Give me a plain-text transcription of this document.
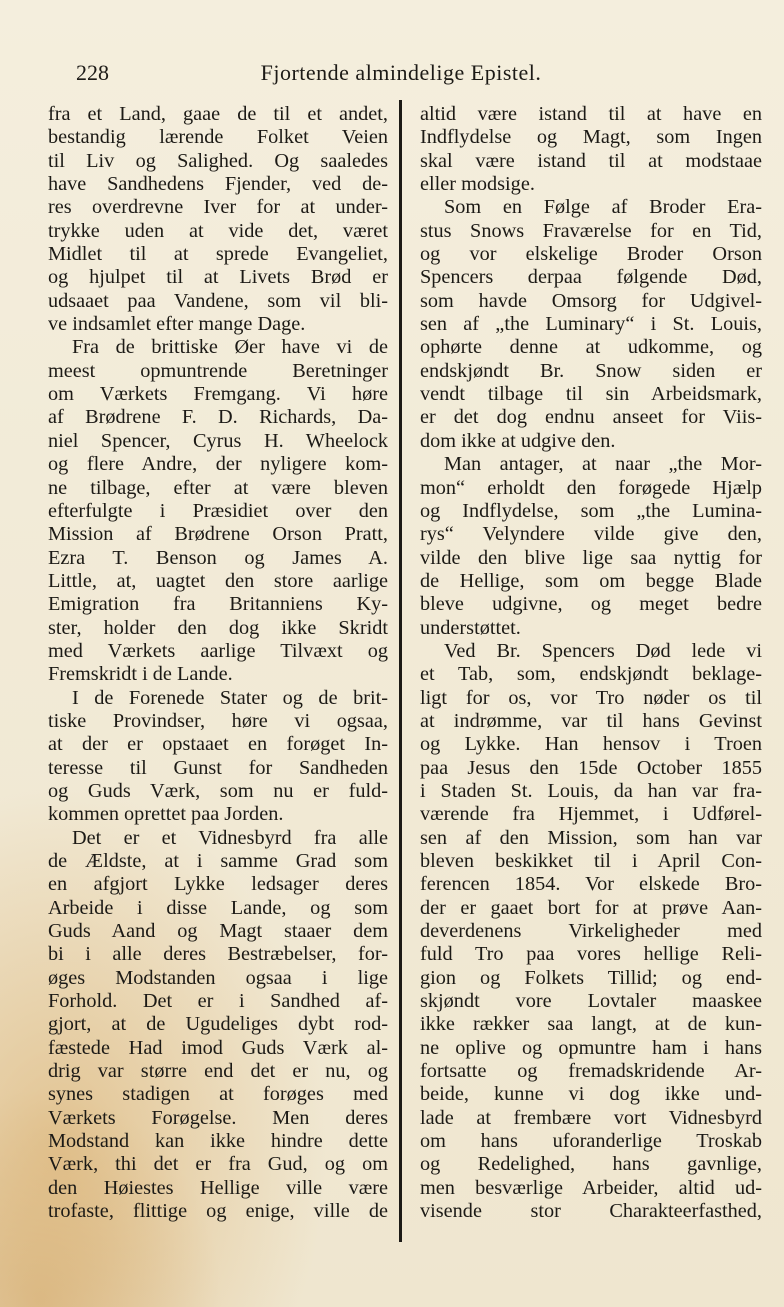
228	Fjortende almindelige Epistel.
fra et Land, gaae de til et andet,
bestandig lærende Folket Veien
til Liv og Salighed. Og saaledes
have Sandhedens Fjender, ved de-
res overdrevne Iver for at under-
trykke uden at vide det, været
Midlet til at sprede Evangeliet,
og hjulpet til at Livets Brød er
udsaaet paa Vandene, som vil bli-
ve indsamlet efter mange Dage.
Fra de brittiske Øer have vi de
meest opmuntrende Beretninger
om Værkets Fremgang. Vi høre
af Brødrene F. D. Richards, Da-
niel Spencer, Cyrus H. Wheelock
og flere Andre, der nyligere kom-
ne tilbage, efter at være bleven
efterfulgte i Præsidiet over den
Mission af Brødrene Orson Pratt,
Ezra T. Benson og James A.
Little, at, uagtet den store aarlige
Emigration fra Britanniens Ky-
ster, holder den dog ikke Skridt
med Værkets aarlige Tilvæxt og
Fremskridt i de Lande.
I de Forenede Stater og de brit-
tiske Provindser, høre vi ogsaa,
at der er opstaaet en forøget In-
teresse til Gunst for Sandheden
og Guds Værk, som nu er fuld-
kommen oprettet paa Jorden.
Det er et Vidnesbyrd fra alle
de Ældste, at i samme Grad som
en afgjort Lykke ledsager deres
Arbeide i disse Lande, og som
Guds Aand og Magt staaer dem
bi i alle deres Bestræbelser, for-
øges Modstanden ogsaa i lige
Forhold. Det er i Sandhed af-
gjort, at de Ugudeliges dybt rod-
fæstede Had imod Guds Værk al-
drig var større end det er nu, og
synes stadigen at forøges med
Værkets Forøgelse. Men deres
Modstand kan ikke hindre dette
Værk, thi det er fra Gud, og om
den Høiestes Hellige ville være
trofaste, flittige og enige, ville de
altid være istand til at have en
Indflydelse og Magt, som Ingen
skal være istand til at modstaae
eller modsige.
Som en Følge af Broder Era-
stus Snows Fraværelse for en Tid,
og vor elskelige Broder Orson
Spencers derpaa følgende Død,
som havde Omsorg for Udgivel-
sen af „the Luminary“ i St. Louis,
ophørte denne at udkomme, og
endskjøndt Br. Snow siden er
vendt tilbage til sin Arbeidsmark,
er det dog endnu anseet for Viis-
dom ikke at udgive den.
Man antager, at naar „the Mor-
mon“ erholdt den forøgede Hjælp
og Indflydelse, som „the Lumina-
rys“ Velyndere vilde give den,
vilde den blive lige saa nyttig for
de Hellige, som om begge Blade
bleve udgivne, og meget bedre
understøttet.
Ved Br. Spencers Død lede vi
et Tab, som, endskjøndt beklage-
ligt for os, vor Tro nøder os til
at indrømme, var til hans Gevinst
og Lykke. Han hensov i Troen
paa Jesus den 15de October 1855
i Staden St. Louis, da han var fra-
værende fra Hjemmet, i Udførel-
sen af den Mission, som han var
bleven beskikket til i April Con-
ferencen 1854. Vor elskede Bro-
der er gaaet bort for at prøve Aan-
deverdenens Virkeligheder med
fuld Tro paa vores hellige Reli-
gion og Folkets Tillid; og end-
skjøndt vore Lovtaler maaskee
ikke rækker saa langt, at de kun-
ne oplive og opmuntre ham i hans
fortsatte og fremadskridende Ar-
beide, kunne vi dog ikke und-
lade at frembære vort Vidnesbyrd
om hans uforanderlige Troskab
og Redelighed, hans gavnlige,
men besværlige Arbeider, altid ud-
visende stor Charakteerfasthed,
